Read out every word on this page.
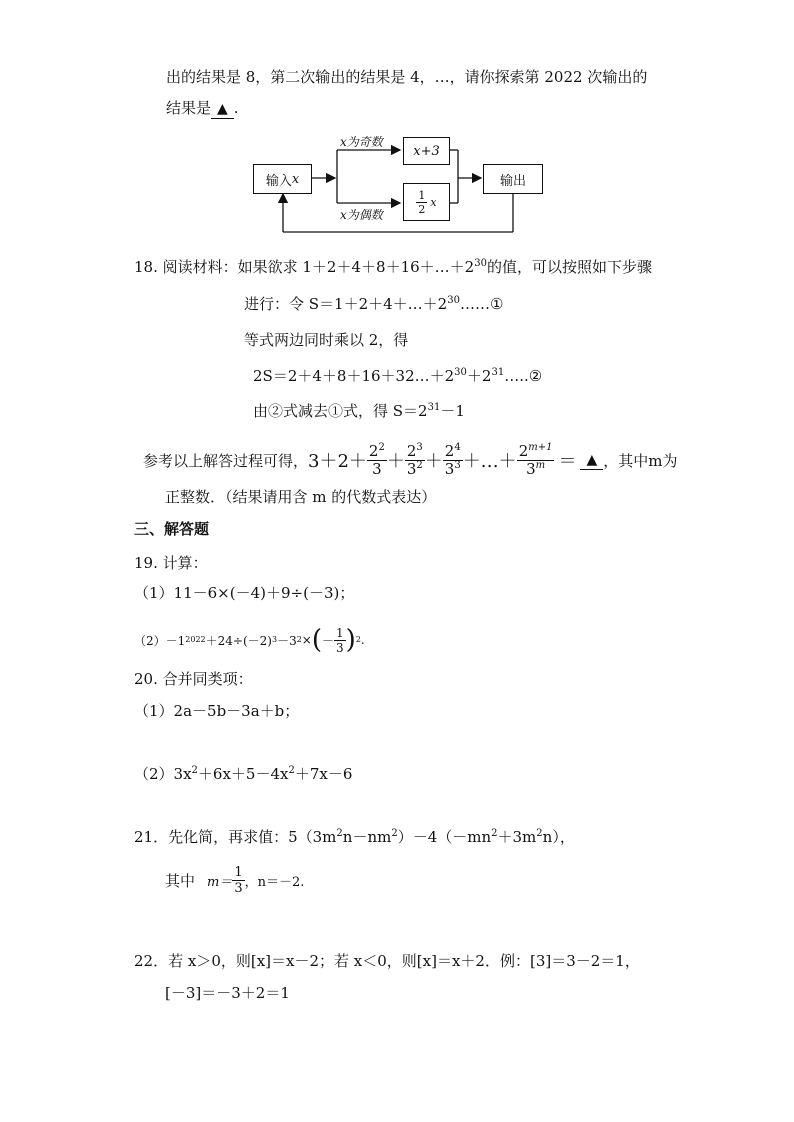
出的结果是 8，第二次输出的结果是 4，…，请你探索第 2022 次输出的
结果是 ▲ .
输入 x
x为奇数
x为偶数
x+3
$\frac{1}{2}$ x
输出
18. 阅读材料：如果欲求 $1+2+4+8+16+\dots+2^{30}$的值，可以按照如下步骤
进行：令 $S=1+2+4+\dots+2^{30}\dots\dots ①$
等式两边同时乘以 2，得
$2S=2+4+8+16+32\dots+2^{30}+2^{31}\dots..②$
由②式减去①式，得 $S=2^{31}-1$
参考以上解答过程可得， $3+2+ \frac{2^2}{3} + \frac{2^3}{3^2} + \frac{2^4}{3^3}$ ＋…＋ $\frac{2^{m+1}}{3^m}$ ＝ ▲ ，其中m为
正整数．（结果请用含 m 的代数式表达）
三、解答题
19. 计算：
（1）11－6×(－4)＋9÷(－3)；
（2） －1 2022 ＋24÷(－2) 3 －3 2 × ( － $\frac{1}{3}$ ) 2 .
20. 合并同类项：
（1）2a－5b－3a＋b；
$(2)3x^2+6x+5-4x^2+7x-6$
21．先化简，再求值：$5(3m^2n-nm^2)-4(-mn^2+3m^2n)$，
其中 $m= \frac{1}{3}$ ，n＝－2.
22．若 x＞0，则[x]＝x－2；若 x＜0，则[x]＝x＋2．例：[3]＝3－2＝1，
[－3]＝－3＋2＝1
